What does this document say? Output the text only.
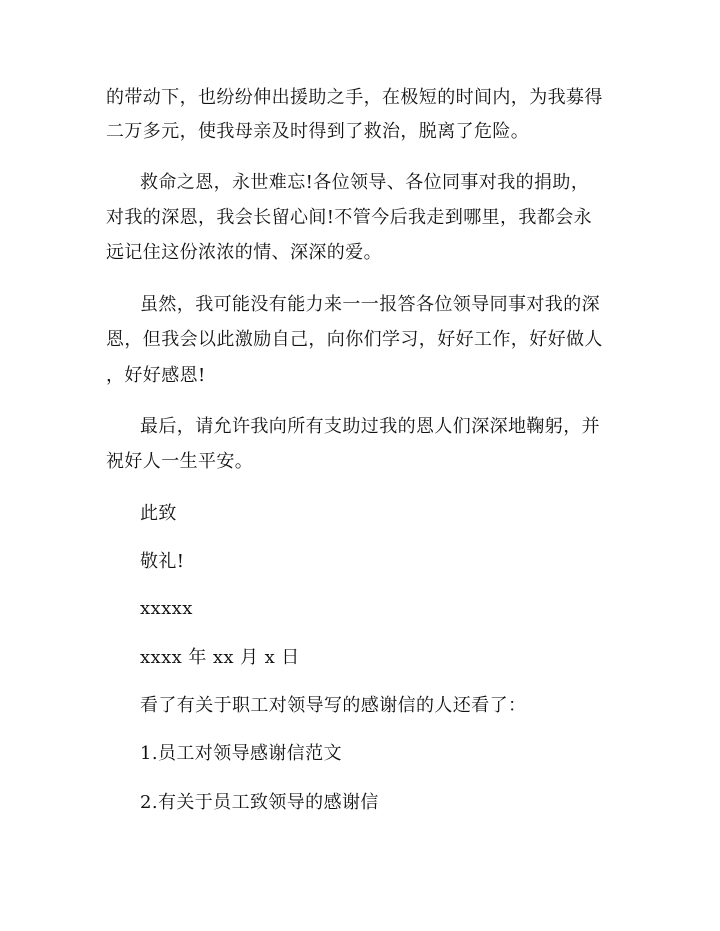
的带动下，也纷纷伸出援助之手，在极短的时间内，为我募得
二万多元，使我母亲及时得到了救治，脱离了危险。
救命之恩，永世难忘!各位领导、各位同事对我的捐助，
对我的深恩，我会长留心间!不管今后我走到哪里，我都会永
远记住这份浓浓的情、深深的爱。
虽然，我可能没有能力来一一报答各位领导同事对我的深
恩，但我会以此激励自己，向你们学习，好好工作，好好做人
，好好感恩!
最后，请允许我向所有支助过我的恩人们深深地鞠躬，并
祝好人一生平安。
此致
敬礼!
xxxxx
xxxx 年 xx 月 x 日
看了有关于职工对领导写的感谢信的人还看了：
1.员工对领导感谢信范文
2.有关于员工致领导的感谢信
